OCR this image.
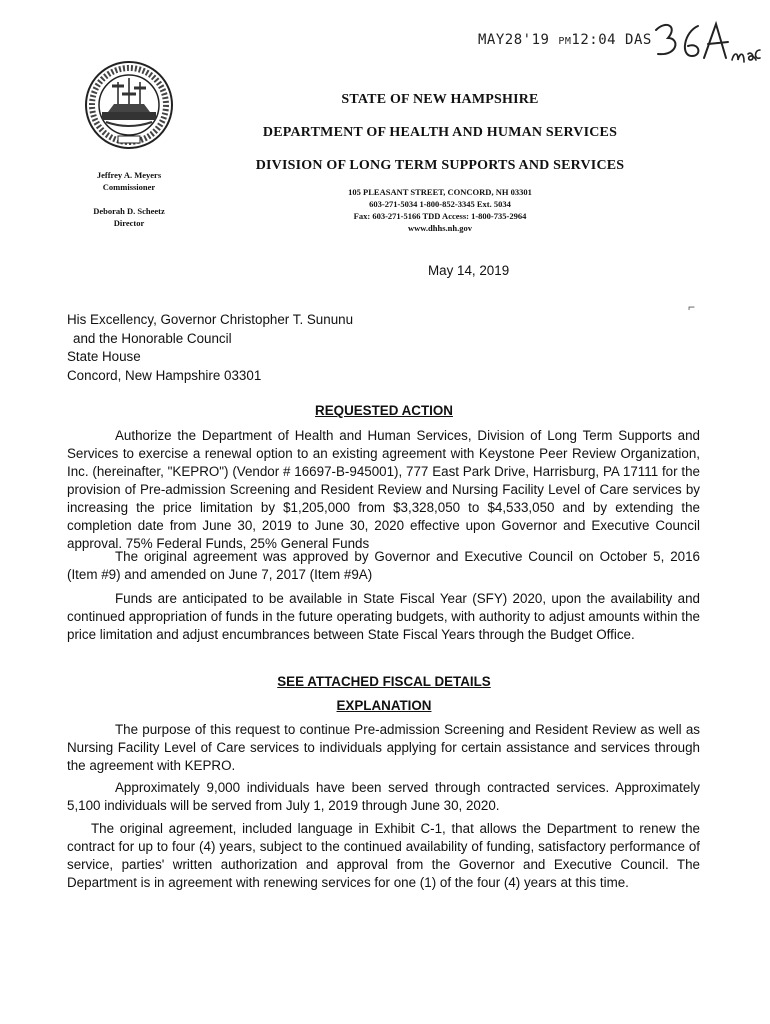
MAY28'19 PM12:04 DAS
STATE OF NEW HAMPSHIRE
DEPARTMENT OF HEALTH AND HUMAN SERVICES
DIVISION OF LONG TERM SUPPORTS AND SERVICES
105 PLEASANT STREET, CONCORD, NH 03301
603-271-5034 1-800-852-3345 Ext. 5034
Fax: 603-271-5166 TDD Access: 1-800-735-2964
www.dhhs.nh.gov
Jeffrey A. Meyers
Commissioner
Deborah D. Scheetz
Director
May 14, 2019
His Excellency, Governor Christopher T. Sununu
and the Honorable Council
State House
Concord, New Hampshire 03301
REQUESTED ACTION
Authorize the Department of Health and Human Services, Division of Long Term Supports and Services to exercise a renewal option to an existing agreement with Keystone Peer Review Organization, Inc. (hereinafter, "KEPRO") (Vendor # 16697-B-945001), 777 East Park Drive, Harrisburg, PA 17111 for the provision of Pre-admission Screening and Resident Review and Nursing Facility Level of Care services by increasing the price limitation by $1,205,000 from $3,328,050 to $4,533,050 and by extending the completion date from June 30, 2019 to June 30, 2020 effective upon Governor and Executive Council approval. 75% Federal Funds, 25% General Funds
The original agreement was approved by Governor and Executive Council on October 5, 2016 (Item #9) and amended on June 7, 2017 (Item #9A)
Funds are anticipated to be available in State Fiscal Year (SFY) 2020, upon the availability and continued appropriation of funds in the future operating budgets, with authority to adjust amounts within the price limitation and adjust encumbrances between State Fiscal Years through the Budget Office.
SEE ATTACHED FISCAL DETAILS
EXPLANATION
The purpose of this request to continue Pre-admission Screening and Resident Review as well as Nursing Facility Level of Care services to individuals applying for certain assistance and services through the agreement with KEPRO.
Approximately 9,000 individuals have been served through contracted services. Approximately 5,100 individuals will be served from July 1, 2019 through June 30, 2020.
The original agreement, included language in Exhibit C-1, that allows the Department to renew the contract for up to four (4) years, subject to the continued availability of funding, satisfactory performance of service, parties' written authorization and approval from the Governor and Executive Council. The Department is in agreement with renewing services for one (1) of the four (4) years at this time.
⌐
